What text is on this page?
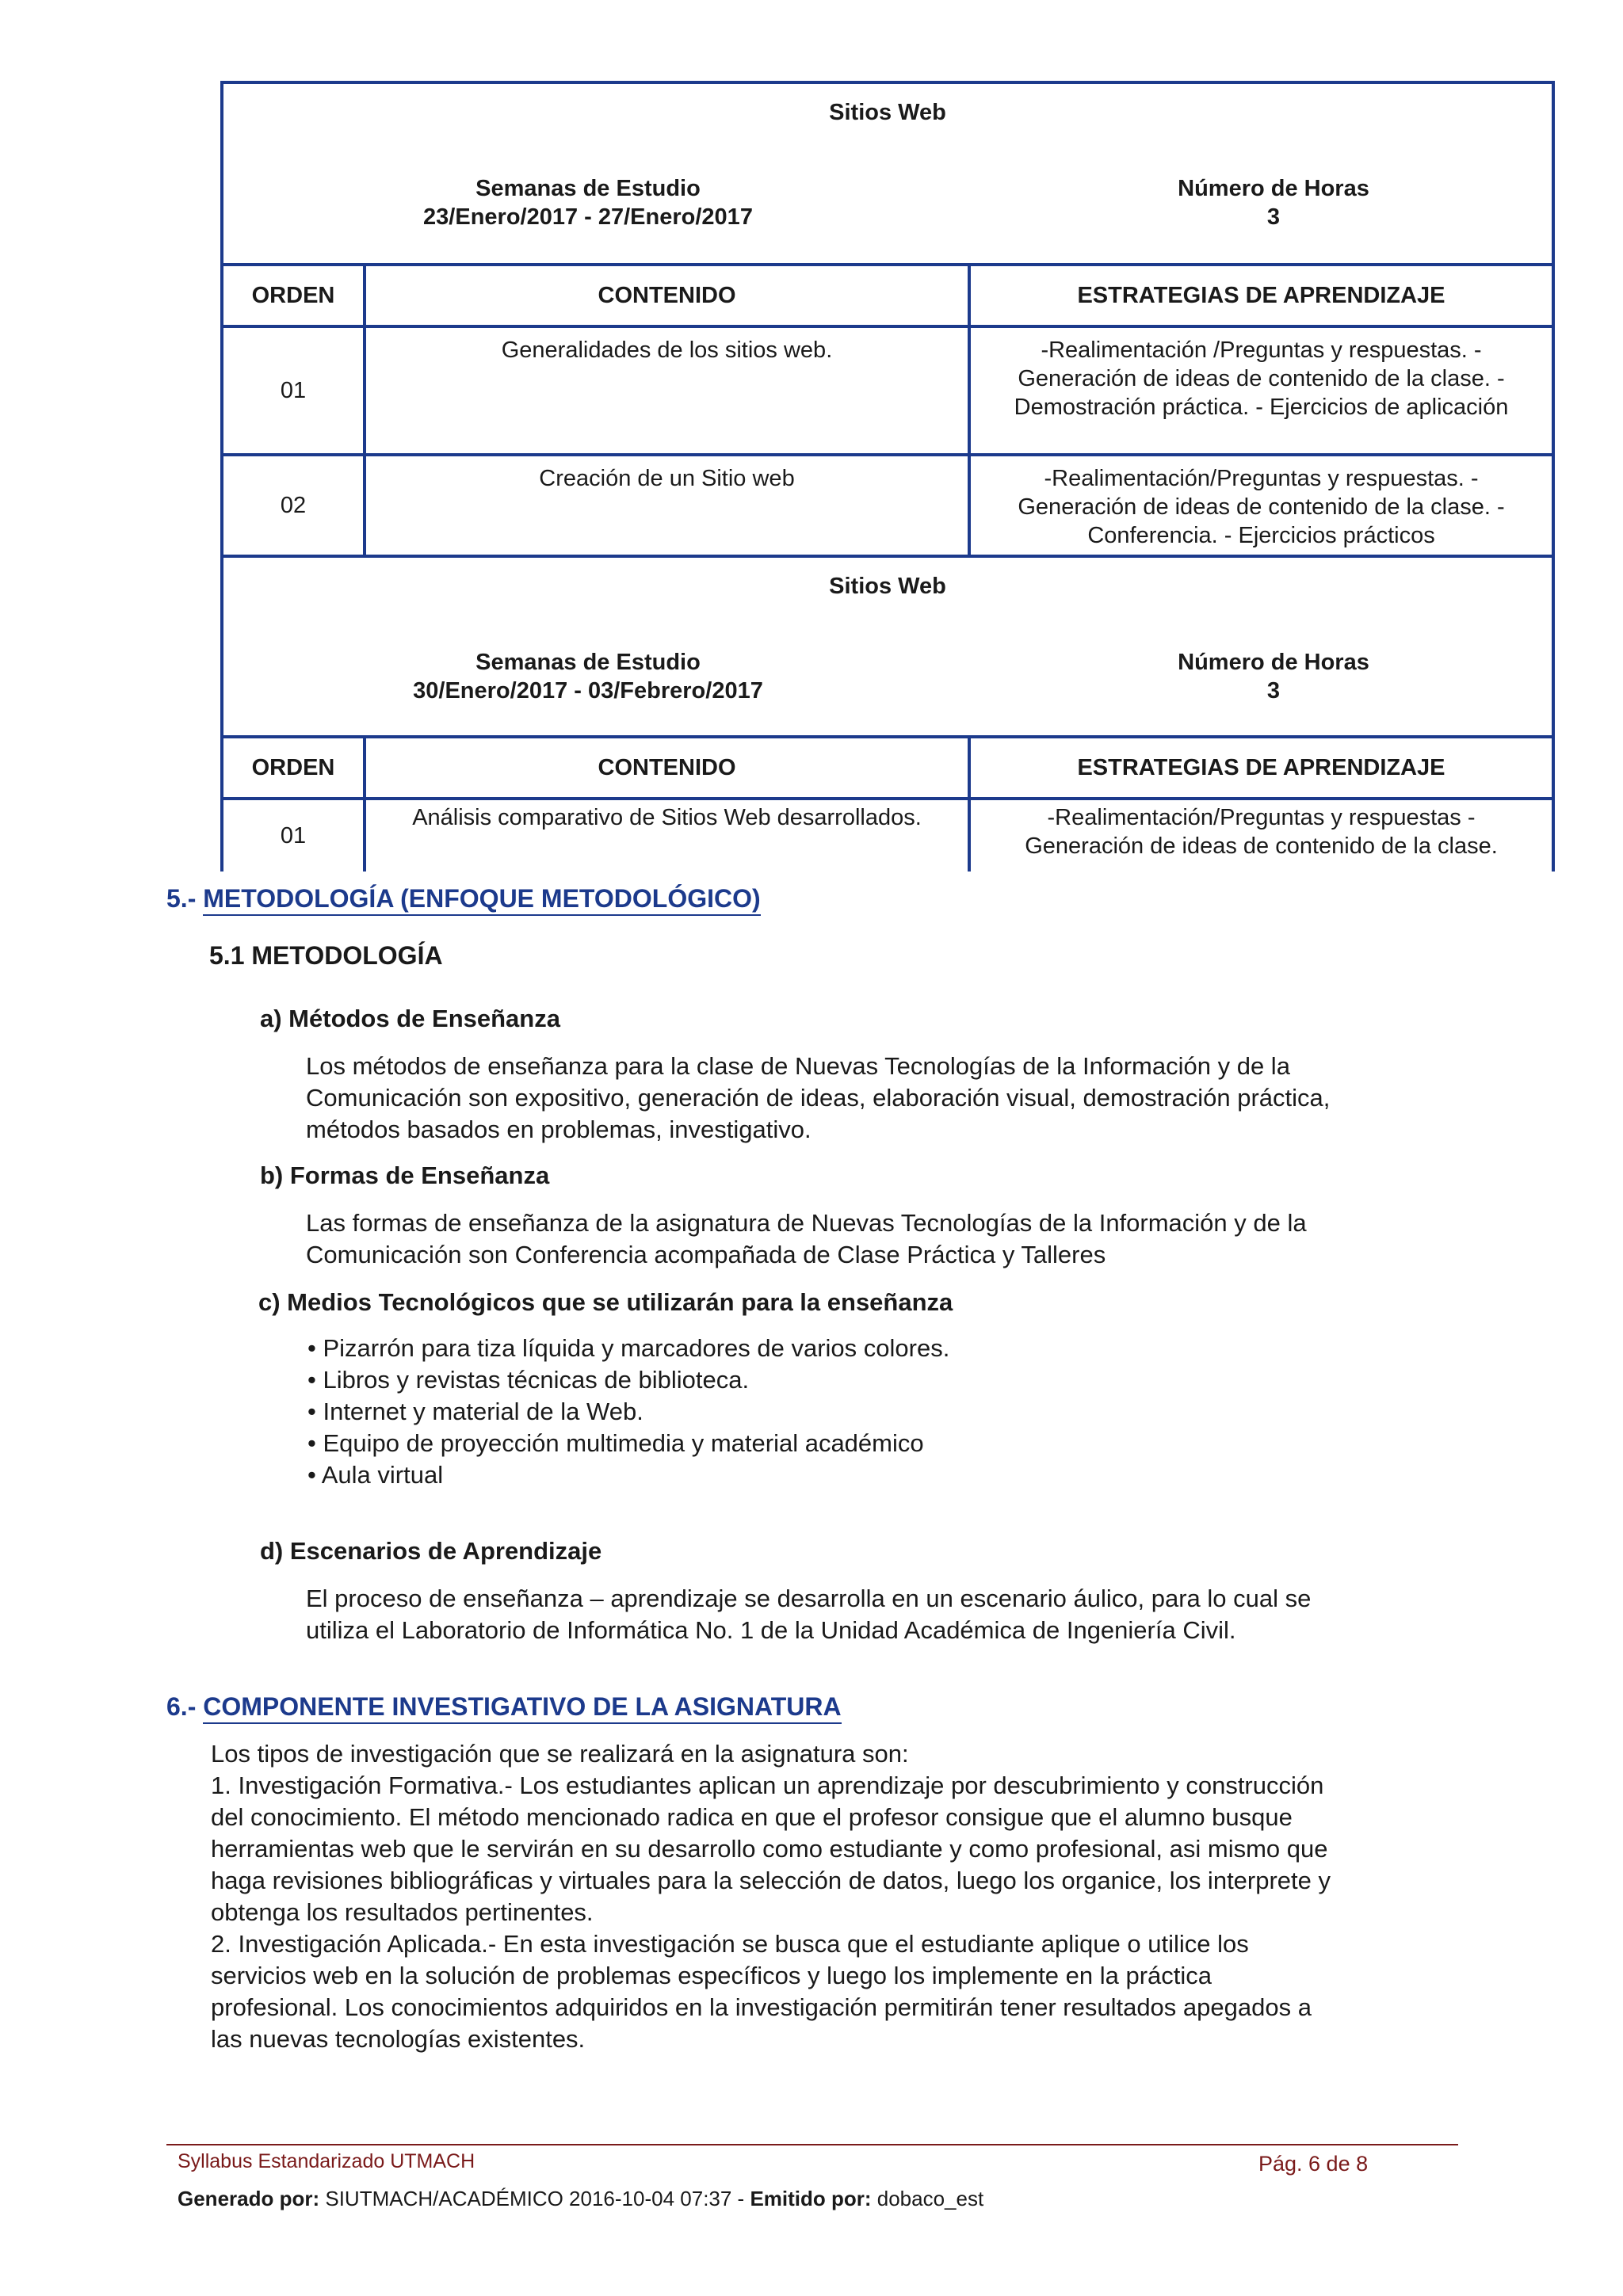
Sitios Web
Semanas de Estudio
23/Enero/2017 - 27/Enero/2017
Número de Horas
3		

ORDEN	CONTENIDO	ESTRATEGIAS DE APRENDIZAJE
01	Generalidades de los sitios web.	-Realimentación /Preguntas y respuestas. - Generación de ideas de contenido de la clase. - Demostración práctica. - Ejercicios de aplicación
02	Creación de un Sitio web	-Realimentación/Preguntas y respuestas. - Generación de ideas de contenido de la clase. - Conferencia. - Ejercicios prácticos

Sitios Web
Semanas de Estudio
30/Enero/2017 - 03/Febrero/2017
Número de Horas
3		

ORDEN	CONTENIDO	ESTRATEGIAS DE APRENDIZAJE
01	Análisis comparativo de Sitios Web desarrollados.	-Realimentación/Preguntas y respuestas - Generación de ideas de contenido de la clase.
5.- METODOLOGÍA (ENFOQUE METODOLÓGICO)
5.1 METODOLOGÍA
a) Métodos de Enseñanza
Los métodos de enseñanza para la clase de Nuevas Tecnologías de la Información y de la
Comunicación son expositivo, generación de ideas, elaboración visual, demostración práctica,
métodos basados en problemas, investigativo.
b) Formas de Enseñanza
Las formas de enseñanza de la asignatura de Nuevas Tecnologías de la Información y de la
Comunicación son Conferencia acompañada de Clase Práctica y Talleres
c) Medios Tecnológicos que se utilizarán para la enseñanza
• Pizarrón para tiza líquida y marcadores de varios colores.
• Libros y revistas técnicas de biblioteca.
• Internet y material de la Web.
• Equipo de proyección multimedia y material académico
• Aula virtual
d) Escenarios de Aprendizaje
El proceso de enseñanza – aprendizaje se desarrolla en un escenario áulico, para lo cual se
utiliza el Laboratorio de Informática No. 1 de la Unidad Académica de Ingeniería Civil.
6.- COMPONENTE INVESTIGATIVO DE LA ASIGNATURA
Los tipos de investigación que se realizará en la asignatura son:
1. Investigación Formativa.- Los estudiantes aplican un aprendizaje por descubrimiento y construcción
del conocimiento. El método mencionado radica en que el profesor consigue que el alumno busque
herramientas web que le servirán en su desarrollo como estudiante y como profesional, asi mismo que
haga revisiones bibliográficas y virtuales para la selección de datos, luego los organice, los interprete y
obtenga los resultados pertinentes.
2. Investigación Aplicada.- En esta investigación se busca que el estudiante aplique o utilice los
servicios web en la solución de problemas específicos y luego los implemente en la práctica
profesional. Los conocimientos adquiridos en la investigación permitirán tener resultados apegados a
las nuevas tecnologías existentes.
Syllabus Estandarizado UTMACH	Pág. 6 de 8
Generado por: SIUTMACH/ACADÉMICO 2016-10-04 07:37 - Emitido por: dobaco_est
